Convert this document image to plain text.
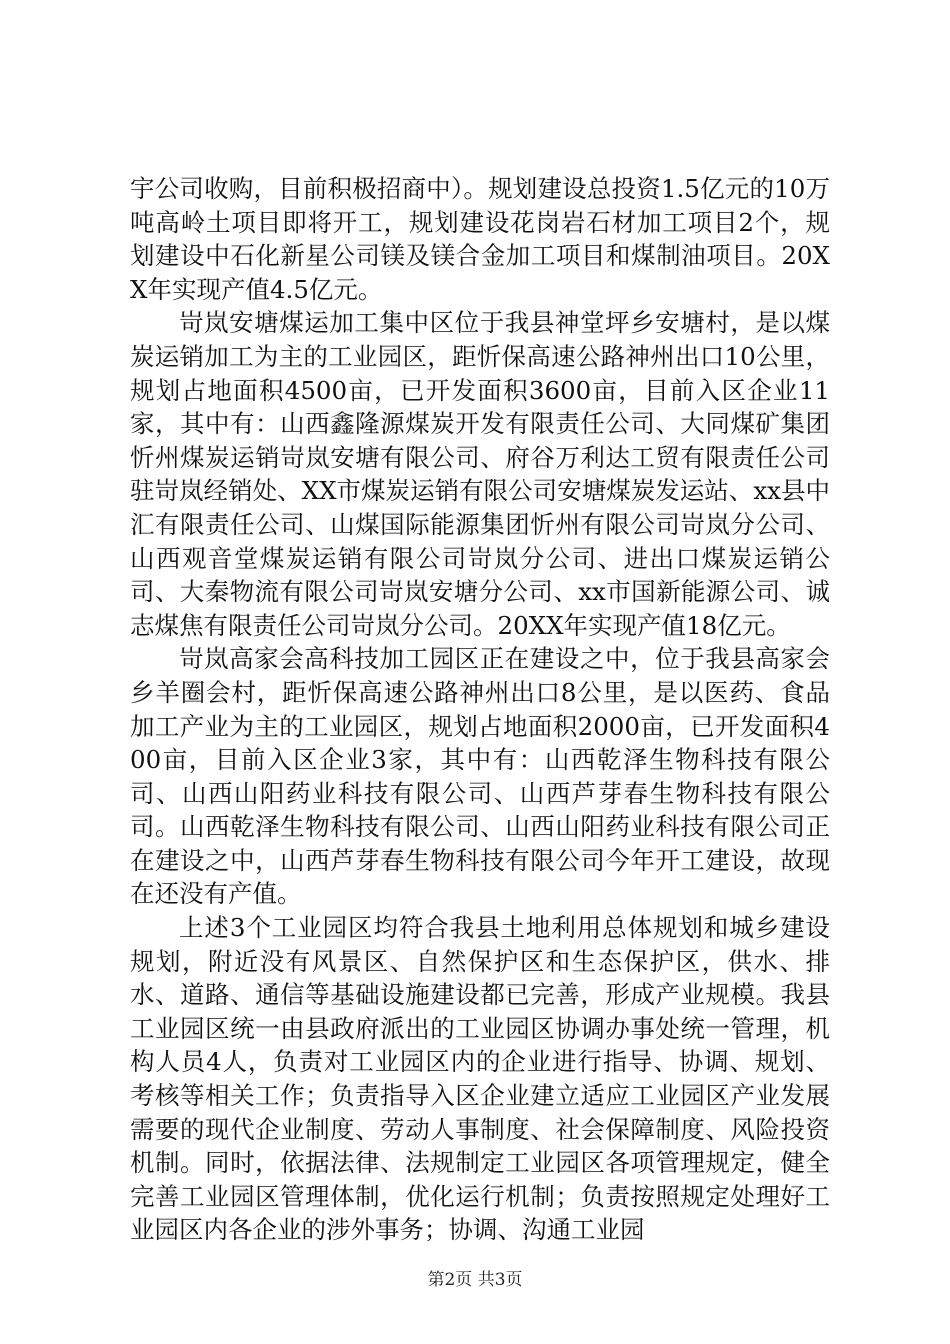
宇公司收购，目前积极招商中）。规划建设总投资1.5亿元的10万吨高岭土项目即将开工，规划建设花岗岩石材加工项目2个，规划建设中石化新星公司镁及镁合金加工项目和煤制油项目。20XX年实现产值4.5亿元。

岢岚安塘煤运加工集中区位于我县神堂坪乡安塘村，是以煤炭运销加工为主的工业园区，距忻保高速公路神州出口10公里，规划占地面积4500亩，已开发面积3600亩，目前入区企业11家，其中有：山西鑫隆源煤炭开发有限责任公司、大同煤矿集团忻州煤炭运销岢岚安塘有限公司、府谷万利达工贸有限责任公司驻岢岚经销处、XX市煤炭运销有限公司安塘煤炭发运站、xx县中汇有限责任公司、山煤国际能源集团忻州有限公司岢岚分公司、山西观音堂煤炭运销有限公司岢岚分公司、进出口煤炭运销公司、大秦物流有限公司岢岚安塘分公司、xx市国新能源公司、诚志煤焦有限责任公司岢岚分公司。20XX年实现产值18亿元。

岢岚高家会高科技加工园区正在建设之中，位于我县高家会乡羊圈会村，距忻保高速公路神州出口8公里，是以医药、食品加工产业为主的工业园区，规划占地面积2000亩，已开发面积400亩，目前入区企业3家，其中有：山西乾泽生物科技有限公司、山西山阳药业科技有限公司、山西芦芽春生物科技有限公司。山西乾泽生物科技有限公司、山西山阳药业科技有限公司正在建设之中，山西芦芽春生物科技有限公司今年开工建设，故现在还没有产值。

上述3个工业园区均符合我县土地利用总体规划和城乡建设规划，附近没有风景区、自然保护区和生态保护区，供水、排水、道路、通信等基础设施建设都已完善，形成产业规模。我县工业园区统一由县政府派出的工业园区协调办事处统一管理，机构人员4人，负责对工业园区内的企业进行指导、协调、规划、考核等相关工作；负责指导入区企业建立适应工业园区产业发展需要的现代企业制度、劳动人事制度、社会保障制度、风险投资机制。同时，依据法律、法规制定工业园区各项管理规定，健全完善工业园区管理体制，优化运行机制；负责按照规定处理好工业园区内各企业的涉外事务；协调、沟通工业园

第2页 共3页
